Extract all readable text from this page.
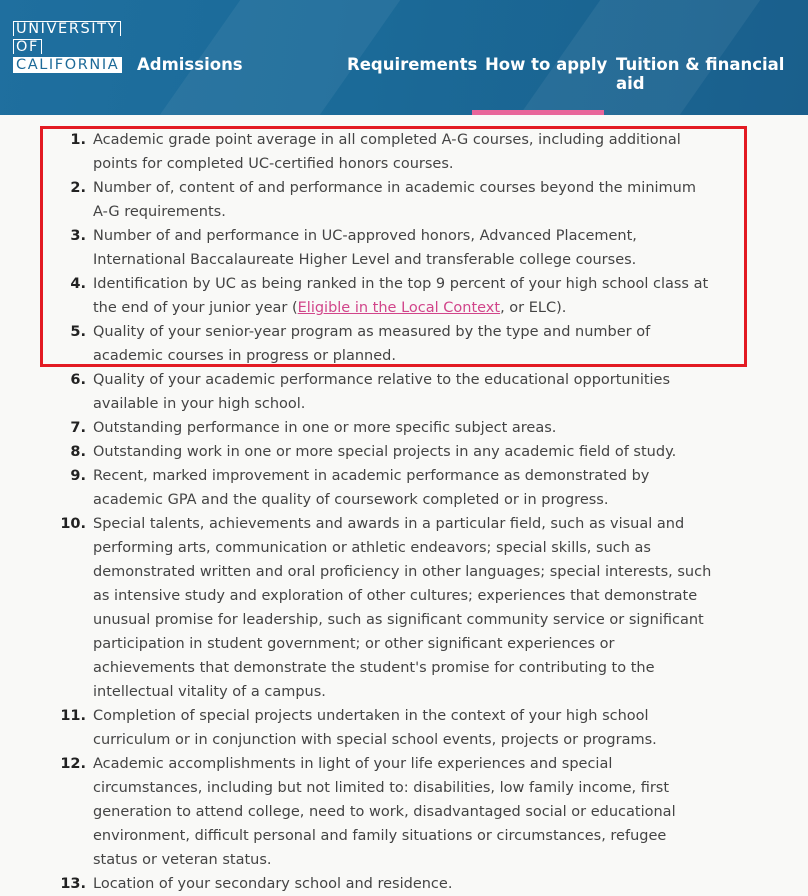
UNIVERSITY
OF
CALIFORNIA Admissions	Requirements How to apply Tuition & financial aid
1. Academic grade point average in all completed A-G courses, including additional points for completed UC-certified honors courses.
2. Number of, content of and performance in academic courses beyond the minimum A-G requirements.
3. Number of and performance in UC-approved honors, Advanced Placement, International Baccalaureate Higher Level and transferable college courses.
4. Identification by UC as being ranked in the top 9 percent of your high school class at the end of your junior year (Eligible in the Local Context, or ELC).
5. Quality of your senior-year program as measured by the type and number of academic courses in progress or planned.
6. Quality of your academic performance relative to the educational opportunities available in your high school.
7. Outstanding performance in one or more specific subject areas.
8. Outstanding work in one or more special projects in any academic field of study.
9. Recent, marked improvement in academic performance as demonstrated by academic GPA and the quality of coursework completed or in progress.
10. Special talents, achievements and awards in a particular field, such as visual and performing arts, communication or athletic endeavors; special skills, such as demonstrated written and oral proficiency in other languages; special interests, such as intensive study and exploration of other cultures; experiences that demonstrate unusual promise for leadership, such as significant community service or significant participation in student government; or other significant experiences or achievements that demonstrate the student's promise for contributing to the intellectual vitality of a campus.
11. Completion of special projects undertaken in the context of your high school curriculum or in conjunction with special school events, projects or programs.
12. Academic accomplishments in light of your life experiences and special circumstances, including but not limited to: disabilities, low family income, first generation to attend college, need to work, disadvantaged social or educational environment, difficult personal and family situations or circumstances, refugee status or veteran status.
13. Location of your secondary school and residence.
